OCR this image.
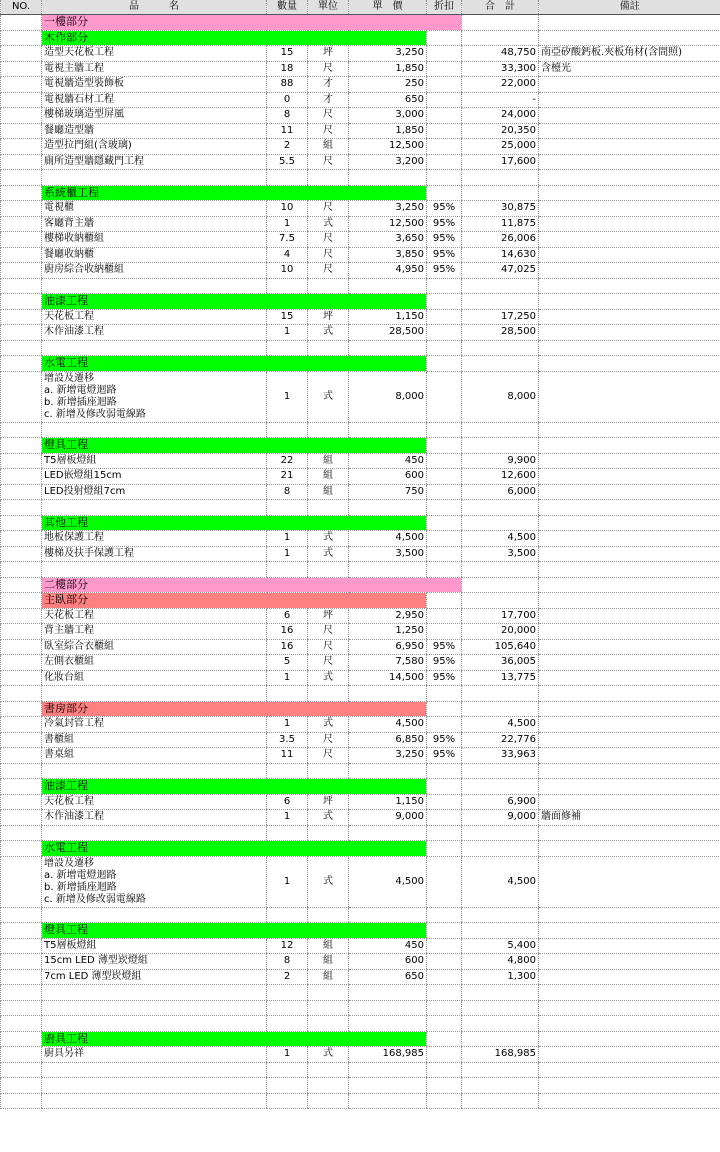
NO.	品　　　名	數量	單位	單　價	折扣	合　計	備註
	一樓部分						
	木作部分						
	造型天花板工程	15	坪	3,250		48,750	南亞矽酸鈣板.夾板角材(含間照)
	電視主牆工程	18	尺	1,850		33,300	含檯光
	電視牆造型裝飾板	88	才	250		22,000	
	電視牆石材工程	0	才	650		-	
	樓梯玻璃造型屏風	8	尺	3,000		24,000	
	餐廳造型牆	11	尺	1,850		20,350	
	造型拉門組(含玻璃)	2	組	12,500		25,000	
	廁所造型牆隱藏門工程	5.5	尺	3,200		17,600	

	系統櫃工程						
	電視櫃	10	尺	3,250	95%	30,875	
	客廳背主牆	1	式	12,500	95%	11,875	
	樓梯收納櫃組	7.5	尺	3,650	95%	26,006	
	餐廳收納櫃	4	尺	3,850	95%	14,630	
	廚房綜合收納櫃組	10	尺	4,950	95%	47,025	

	油漆工程						
	天花板工程	15	坪	1,150		17,250	
	木作油漆工程	1	式	28,500		28,500	

	水電工程						

	增設及遷移
a. 新增電燈迴路
b. 新增插座迴路
c. 新增及修改弱電線路	1	式	8,000		8,000	

	燈具工程						
	T5層板燈組	22	組	450		9,900	
	LED嵌燈組15cm	21	組	600		12,600	
	LED投射燈組7cm	8	組	750		6,000	

	其他工程						
	地板保護工程	1	式	4,500		4,500	
	樓梯及扶手保護工程	1	式	3,500		3,500	

	二樓部分						
	主臥部分						
	天花板工程	6	坪	2,950		17,700	
	背主牆工程	16	尺	1,250		20,000	
	臥室綜合衣櫃組	16	尺	6,950	95%	105,640	
	左側衣櫃組	5	尺	7,580	95%	36,005	
	化妝台組	1	式	14,500	95%	13,775	

	書房部分						
	冷氣封管工程	1	式	4,500		4,500	
	書櫃組	3.5	尺	6,850	95%	22,776	
	書桌組	11	尺	3,250	95%	33,963	

	油漆工程						
	天花板工程	6	坪	1,150		6,900	
	木作油漆工程	1	式	9,000		9,000	牆面修補

	水電工程						

	增設及遷移
a. 新增電燈迴路
b. 新增插座迴路
c. 新增及修改弱電線路	1	式	4,500		4,500	

	燈具工程						
	T5層板燈組	12	組	450		5,400	
	15cm LED 薄型崁燈組	8	組	600		4,800	
	7cm LED 薄型崁燈組	2	組	650		1,300	

	廚具工程						
	廚具另祥	1	式	168,985		168,985	
